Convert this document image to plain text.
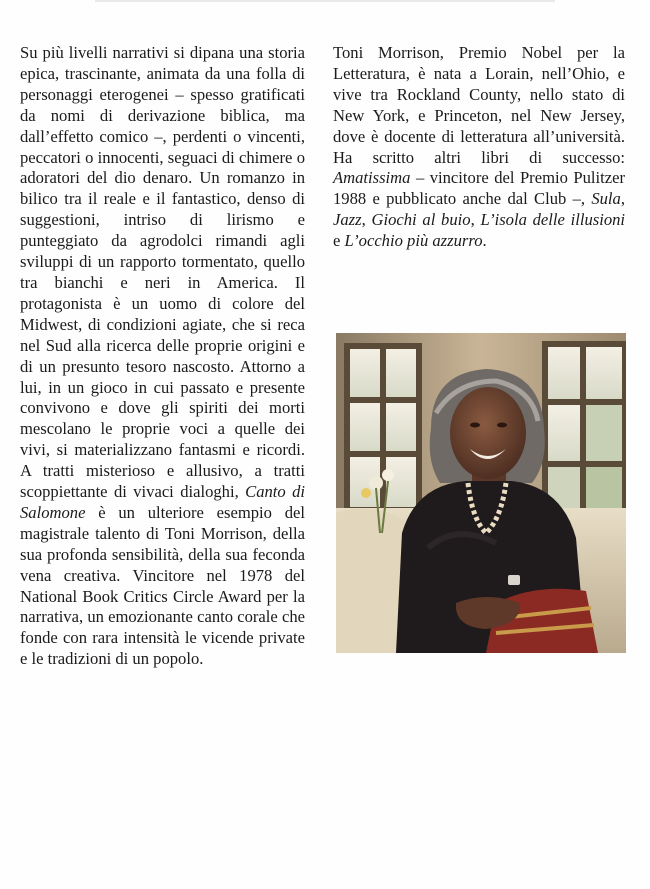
Su più livelli narrativi si dipana una storia epica, trascinante, animata da una folla di personaggi eterogenei – spesso gratificati da nomi di derivazione biblica, ma dall’effetto comico –, perdenti o vincenti, peccatori o innocenti, seguaci di chimere o adoratori del dio denaro. Un romanzo in bilico tra il reale e il fantastico, denso di suggestioni, intriso di lirismo e punteggiato da agrodolci rimandi agli sviluppi di un rapporto tormentato, quello tra bianchi e neri in America. Il protagonista è un uomo di colore del Midwest, di condizioni agiate, che si reca nel Sud alla ricerca delle proprie origini e di un presunto tesoro nascosto. Attorno a lui, in un gioco in cui passato e presente convivono e dove gli spiriti dei morti mescolano le proprie voci a quelle dei vivi, si materializzano fantasmi e ricordi. A tratti misterioso e allusivo, a tratti scoppiettante di vivaci dialoghi, Canto di Salomone è un ulteriore esempio del magistrale talento di Toni Morrison, della sua profonda sensibilità, della sua feconda vena creativa. Vincitore nel 1978 del National Book Critics Circle Award per la narrativa, un emozionante canto corale che fonde con rara intensità le vicende private e le tradizioni di un popolo.

Toni Morrison, Premio Nobel per la Letteratura, è nata a Lorain, nell’Ohio, e vive tra Rockland County, nello stato di New York, e Princeton, nel New Jersey, dove è docente di letteratura all’università. Ha scritto altri libri di successo: Amatissima – vincitore del Premio Pulitzer 1988 e pubblicato anche dal Club –, Sula, Jazz, Giochi al buio, L’isola delle illusioni e L’occhio più azzurro.
